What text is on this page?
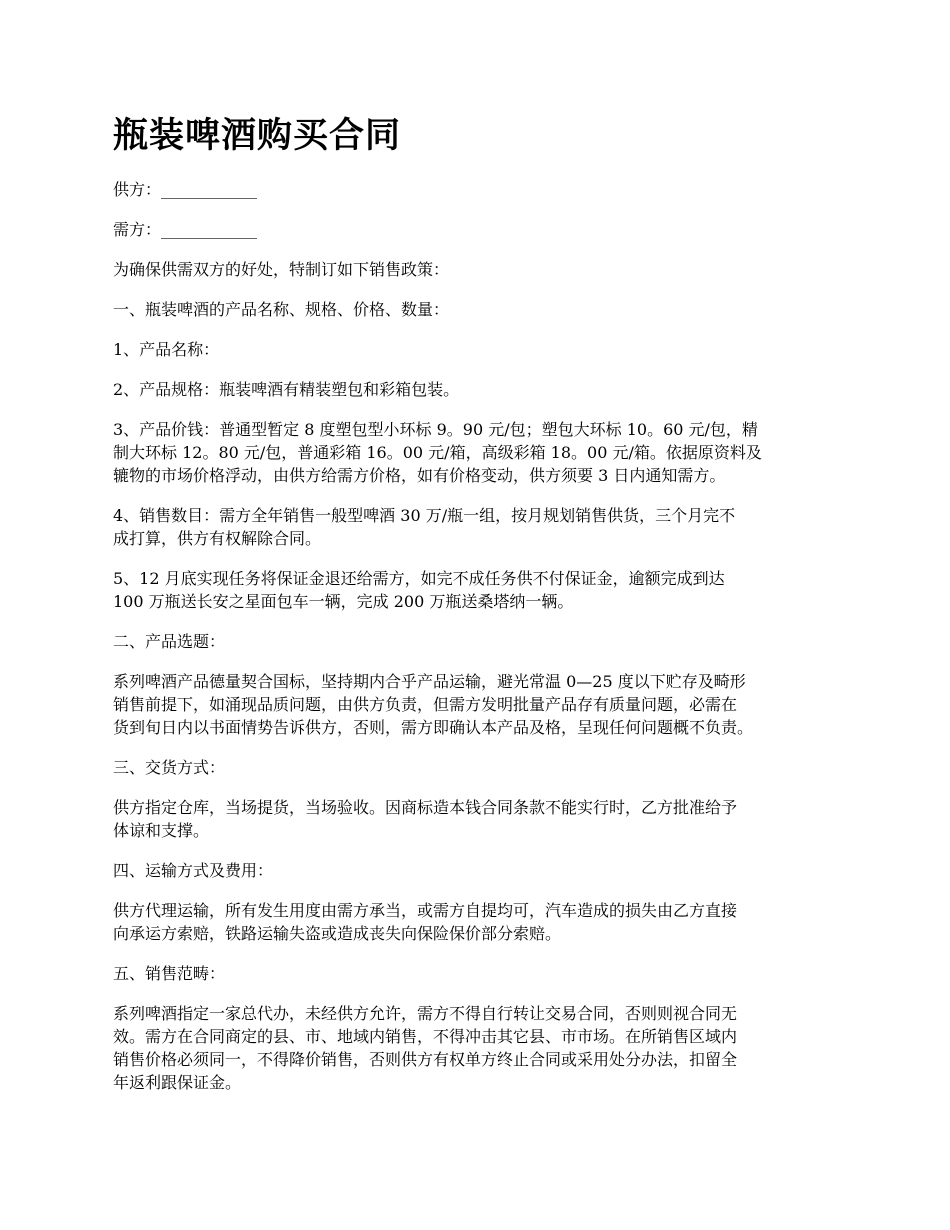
瓶装啤酒购买合同

供方：____________

需方：____________

为确保供需双方的好处，特制订如下销售政策：

一、瓶装啤酒的产品名称、规格、价格、数量：

1、产品名称：

2、产品规格：瓶装啤酒有精装塑包和彩箱包装。

3、产品价钱：普通型暂定 8 度塑包型小环标 9。90 元/包；塑包大环标 10。60 元/包，精
制大环标 12。80 元/包，普通彩箱 16。00 元/箱，高级彩箱 18。00 元/箱。依据原资料及
辘物的市场价格浮动，由供方给需方价格，如有价格变动，供方须要 3 日内通知需方。

4、销售数目：需方全年销售一般型啤酒 30 万/瓶一组，按月规划销售供货，三个月完不
成打算，供方有权解除合同。

5、12 月底实现任务将保证金退还给需方，如完不成任务供不付保证金，逾额完成到达
100 万瓶送长安之星面包车一辆，完成 200 万瓶送桑塔纳一辆。

二、产品选题：

系列啤酒产品德量契合国标，坚持期内合乎产品运输，避光常温 0—25 度以下贮存及畸形
销售前提下，如涌现品质问题，由供方负责，但需方发明批量产品存有质量问题，必需在
货到旬日内以书面情势告诉供方，否则，需方即确认本产品及格，呈现任何问题概不负责。

三、交货方式：

供方指定仓库，当场提货，当场验收。因商标造本钱合同条款不能实行时，乙方批准给予
体谅和支撑。

四、运输方式及费用：

供方代理运输，所有发生用度由需方承当，或需方自提均可，汽车造成的损失由乙方直接
向承运方索赔，铁路运输失盗或造成丧失向保险保价部分索赔。

五、销售范畴：

系列啤酒指定一家总代办，未经供方允许，需方不得自行转让交易合同，否则则视合同无
效。需方在合同商定的县、市、地域内销售，不得冲击其它县、市市场。在所销售区域内
销售价格必须同一，不得降价销售，否则供方有权单方终止合同或采用处分办法，扣留全
年返利跟保证金。
